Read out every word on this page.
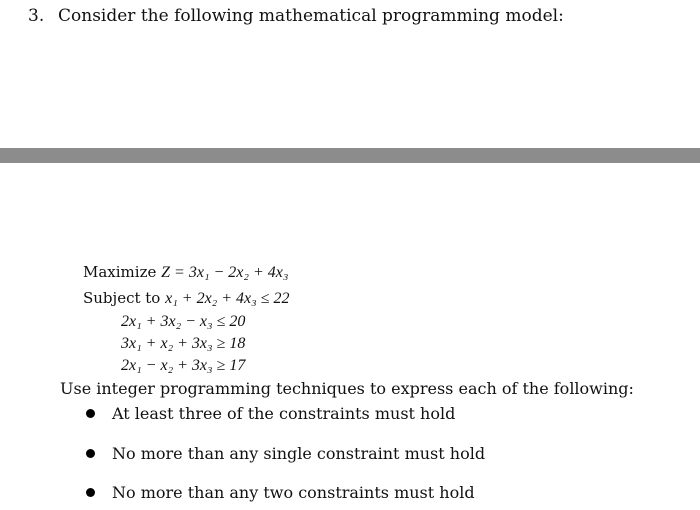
3. Consider the following mathematical programming model:
Maximize Z = 3x₁ − 2x₂ + 4x₃
Subject to x₁ + 2x₂ + 4x₃ ≤ 22
2x₁ + 3x₂ − x₃ ≤ 20
3x₁ + x₂ + 3x₃ ≥ 18
2x₁ − x₂ + 3x₃ ≥ 17
Use integer programming techniques to express each of the following:
At least three of the constraints must hold
No more than any single constraint must hold
No more than any two constraints must hold
